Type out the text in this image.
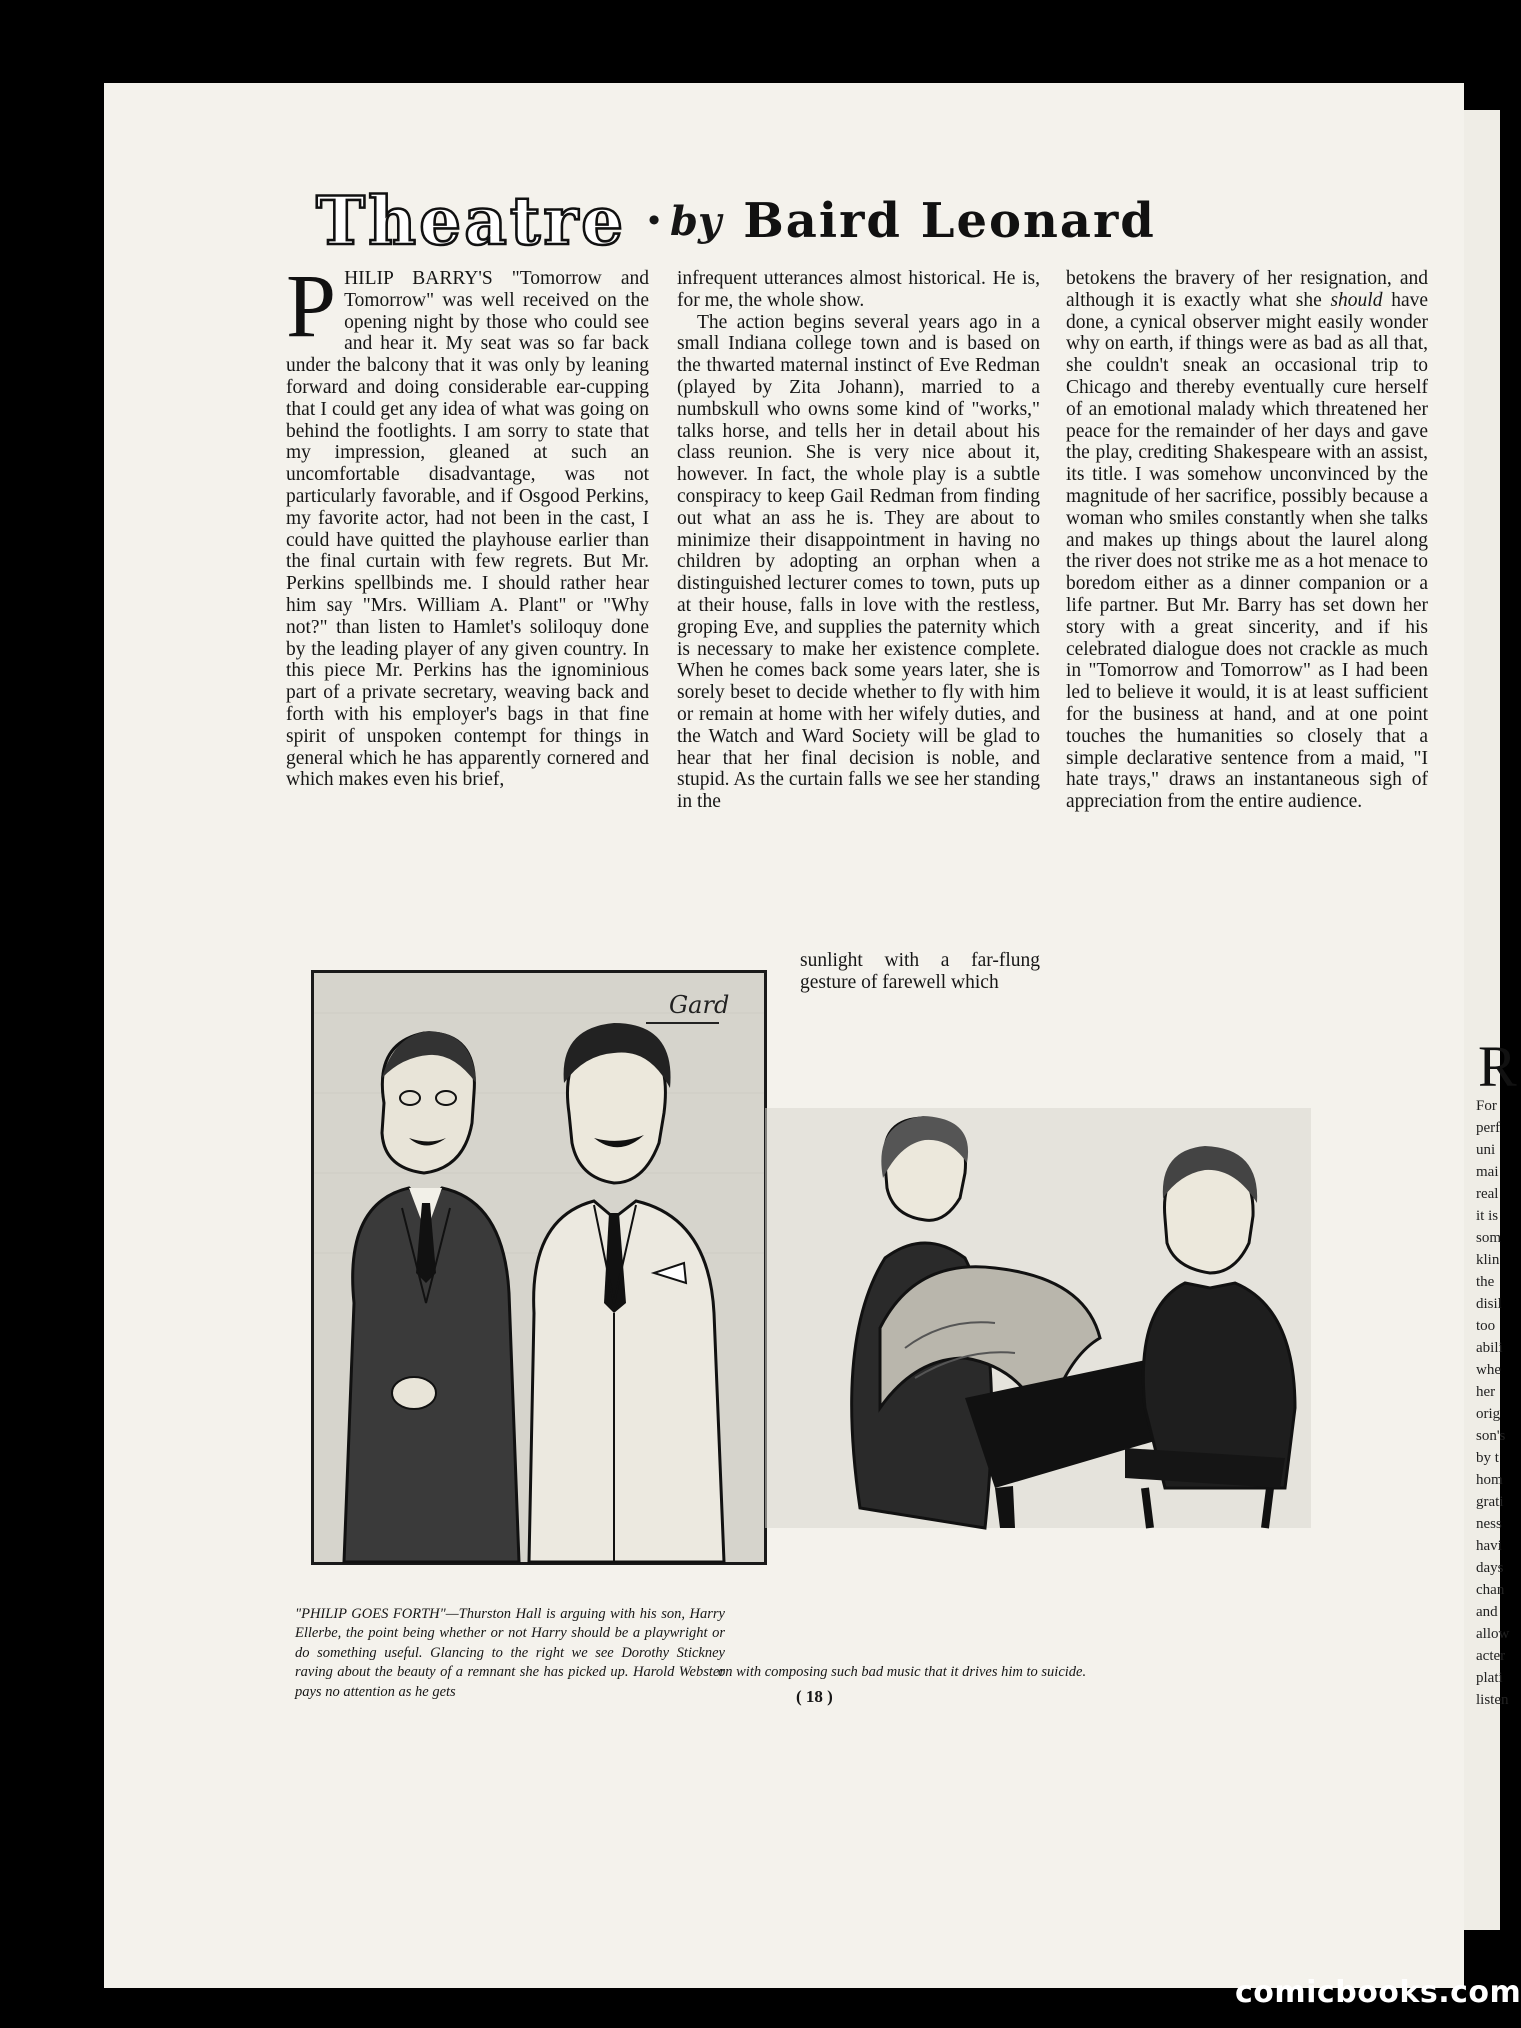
R
For
perf
uni
mai
real
it is
som
klin
the
disil
too
abili
whe
her
orig
son's
by t
hom
grati
ness
havi
days
chan
and
allow
acter
plati
listen
Theatre • by Baird Leonard

PHILIP BARRY'S "Tomorrow and Tomorrow" was well received on the opening night by those who could see and hear it. My seat was so far back under the balcony that it was only by leaning forward and doing considerable ear-cupping that I could get any idea of what was going on behind the footlights. I am sorry to state that my impression, gleaned at such an uncomfortable disadvantage, was not particularly favorable, and if Osgood Perkins, my favorite actor, had not been in the cast, I could have quitted the playhouse earlier than the final curtain with few regrets. But Mr. Perkins spellbinds me. I should rather hear him say "Mrs. William A. Plant" or "Why not?" than listen to Hamlet's soliloquy done by the leading player of any given country. In this piece Mr. Perkins has the ignominious part of a private secretary, weaving back and forth with his employer's bags in that fine spirit of unspoken contempt for things in general which he has apparently cornered and which makes even his brief,

infrequent utterances almost historical. He is, for me, the whole show.

The action begins several years ago in a small Indiana college town and is based on the thwarted maternal instinct of Eve Redman (played by Zita Johann), married to a numbskull who owns some kind of "works," talks horse, and tells her in detail about his class reunion. She is very nice about it, however. In fact, the whole play is a subtle conspiracy to keep Gail Redman from finding out what an ass he is. They are about to minimize their disappointment in having no children by adopting an orphan when a distinguished lecturer comes to town, puts up at their house, falls in love with the restless, groping Eve, and supplies the paternity which is necessary to make her existence complete. When he comes back some years later, she is sorely beset to decide whether to fly with him or remain at home with her wifely duties, and the Watch and Ward Society will be glad to hear that her final decision is noble, and stupid. As the curtain falls we see her standing in the

sunlight with a far-flung gesture of farewell which

betokens the bravery of her resignation, and although it is exactly what she should have done, a cynical observer might easily wonder why on earth, if things were as bad as all that, she couldn't sneak an occasional trip to Chicago and thereby eventually cure herself of an emotional malady which threatened her peace for the remainder of her days and gave the play, crediting Shakespeare with an assist, its title. I was somehow unconvinced by the magnitude of her sacrifice, possibly because a woman who smiles constantly when she talks and makes up things about the laurel along the river does not strike me as a hot menace to boredom either as a dinner companion or a life partner. But Mr. Barry has set down her story with a great sincerity, and if his celebrated dialogue does not crackle as much in "Tomorrow and Tomorrow" as I had been led to believe it would, it is at least sufficient for the business at hand, and at one point touches the humanities so closely that a simple declarative sentence from a maid, "I hate trays," draws an instantaneous sigh of appreciation from the entire audience.

Gard
"PHILIP GOES FORTH"—Thurston Hall is arguing with his son, Harry Ellerbe, the point being whether or not Harry should be a playwright or do something useful. Glancing to the right we see Dorothy Stickney raving about the beauty of a remnant she has picked up. Harold Webster pays no attention as he gets
on with composing such bad music that it drives him to suicide.
( 18 )
comicbooks.com
